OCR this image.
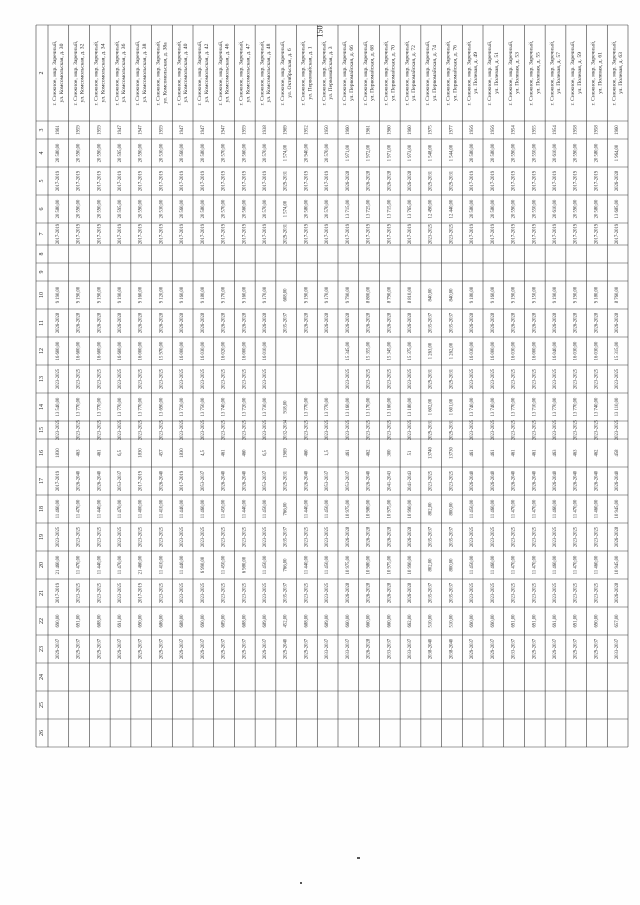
150
2
3
4
5
6
7
8
9
10
11
12
13
14
15
16
17
18
19
20
21
22
23
24
25
26
г. Снежное, мкр. Заречный, ул. Комсомольская, д. 30
1961
20 580,00
2017-2019
20 580,00
2017-2019
9 190,00
2026-2028
16 600,00
2023-2025
13 540,00
2023-2025
1830
2017-2019
11 460,00
2023-2025
21 460,00
2017-2019
690,00
2029-2037
г. Снежное, мкр. Заречный, ул. Комсомольская, д. 32
1959
20 590,00
2017-2019
20 590,00
2017-2019
9 190,00
2026-2028
16 600,00
2023-2025
13 770,00
2023-2025
463
2026-2040
11 470,00
2023-2025
11 470,00
2023-2025
691,00
2029-2037
г. Снежное, мкр. Заречный, ул. Комсомольская, д. 34
1959
20 590,00
2017-2019
20 590,00
2017-2019
9 190,00
2026-2028
16 600,00
2023-2025
13 770,00
2023-2025
461
2026-2040
11 440,00
2023-2025
11 440,00
2023-2025
688,00
2029-2037
г. Снежное, мкр. Заречный, ул. Комсомольская, д. 36
1947
20 595,00
2017-2019
20 595,00
2017-2019
9 190,00
2026-2028
16 600,00
2023-2025
13 770,00
2023-2025
6,5
2053-2037
11 470,00
2023-2025
11 470,00
2023-2025
691,00
2029-2037
г. Снежное, мкр. Заречный, ул. Комсомольская, д. 38
1947
20 590,00
2017-2019
20 590,00
2017-2019
9 160,00
2026-2028
16 000,00
2023-2025
13 770,00
2023-2025
1830
2017-2019
11 400,00
2023-2025
21 460,00
2017-2019
690,00
2029-2037
г. Снежное, мкр. Заречный, ул. Комсомольская, д. 38а
1959
20 530,00
2017-2019
20 530,00
2017-2019
9 120,00
2026-2028
15 970,00
2023-2025
13 690,00
2023-2025
457
2026-2040
11 410,00
2023-2025
11 410,00
2023-2025
686,00
2029-2037
г. Снежное, мкр. Заречный, ул. Комсомольская, д. 40
1947
20 560,00
2017-2019
20 560,00
2017-2019
9 160,00
2026-2028
16 000,00
2023-2025
13 720,00
2023-2025
1830
2017-2019
11 440,00
2023-2025
11 440,00
2023-2025
688,00
2029-2037
г. Снежное, мкр. Заречный, ул. Комсомольская, д. 42
1947
20 580,00
2017-2019
20 580,00
2017-2019
9 180,00
2026-2028
16 030,00
2023-2025
13 750,00
2023-2025
4,5
2053-2037
11 460,00
2023-2025
6 990,00
2023-2025
690,00
2029-2037
г. Снежное, мкр. Заречный, ул. Комсомольская, д. 46
1947
20 570,00
2017-2019
20 570,00
2017-2019
9 170,00
2026-2028
16 020,00
2023-2025
13 740,00
2023-2025
461
2026-2040
11 450,00
2023-2025
11 450,00
2023-2025
689,00
2029-2037
г. Снежное, мкр. Заречный, ул. Комсомольская, д. 47
1959
20 560,00
2017-2019
20 560,00
2017-2019
9 160,00
2026-2028
16 000,00
2023-2025
13 720,00
2023-2025
460
2026-2040
11 440,00
2023-2025
6 980,00
2023-2025
688,00
2029-2037
г. Снежное, мкр. Заречный, ул. Комсомольская, д. 48
1938
20 570,00
2017-2019
20 570,00
2017-2019
9 170,00
2026-2028
16 010,00
2023-2025
13 730,00
2023-2025
6,5
2053-2037
11 450,00
2023-2025
11 450,00
2023-2025
689,00
2029-2037
г. Снежное, мкр. Заречный, ул. Октябрьская, д. 6
1969
1 574,00
2029-2031
1 574,00
2029-2031
608,00
2035-2037
918,00
2032-2034
1969
2029-2031
766,00
2035-2037
766,00
2035-2037
452,00
2029-2040
г. Снежное, мкр. Заречный, ул. Первомайская, д. 1
1952
20 940,00
2017-2019
20 580,00
2017-2019
9 190,00
2026-2028
13 770,00
2023-2025
460
2026-2040
11 440,00
2023-2025
11 440,00
2023-2025
688,00
2029-2037
г. Снежное, мкр. Заречный, ул. Первомайская, д. 3
1950
20 570,00
2017-2019
20 570,00
2017-2019
9 170,00
2026-2028
13 770,00
2023-2025
1,5
2053-2037
11 450,00
2023-2025
11 450,00
2023-2025
689,00
2033-2037
г. Снежное, мкр. Заречный, ул. Первомайская, д. 66
1960
1 971,00
2026-2028
13 715,00
2017-2019
9 790,00
2026-2028
15 345,00
2023-2025
13 160,00
2023-2025
461
2053-2037
10 975,00
2026-2028
10 975,00
2026-2028
660,00
2033-2037
г. Снежное, мкр. Заречный, ул. Первомайская, д. 68
1961
1 972,00
2026-2028
13 725,00
2017-2019
8 800,00
2026-2028
15 355,00
2023-2025
13 170,00
2023-2025
462
2026-2040
10 980,00
2026-2028
10 980,00
2026-2028
660,00
2026-2028
г. Снежное, мкр. Заречный, ул. Первомайская, д. 70
1960
1 971,00
2026-2028
13 715,00
2017-2019
8 790,00
2026-2028
15 345,00
2023-2025
13 160,00
2023-2025
300
2041-2043
10 975,00
2026-2028
10 975,00
2026-2028
660,00
2033-2037
г. Снежное, мкр. Заречный, ул. Первомайская, д. 72
1960
1 973,00
2026-2028
13 765,00
2017-2019
8 810,00
2026-2028
15 375,00
2023-2025
13 180,00
2023-2025
51
2041-2043
10 990,00
2026-2028
10 990,00
2026-2028
662,00
2033-2037
г. Снежное, мкр. Заречный, ул. Первомайская, д. 74
1975
1 548,00
2029-2031
12 490,00
2023-2025
840,00
2035-2037
1 263,00
2029-2031
1 602,00
2029-2031
13740
2023-2025
802,00
2035-2037
802,00
2035-2037
510,00
2038-2040
г. Снежное, мкр. Заречный, ул. Первомайская, д. 76
1977
1 544,00
2029-2031
12 440,00
2023-2025
840,00
2035-2037
1 262,00
2029-2031
1 601,00
2029-2031
13730
2023-2025
800,00
2035-2037
800,00
2035-2037
510,00
2038-2040
г. Снежное, мкр. Заречный, ул. Полевая, д. 49
1956
20 580,00
2017-2019
20 580,00
2017-2019
9 180,00
2026-2028
16 030,00
2023-2025
13 740,00
2023-2025
461
2026-2040
11 450,00
2023-2025
11 450,00
2023-2025
690,00
2029-2037
г. Снежное, мкр. Заречный, ул. Полевая, д. 51
1956
20 580,00
2017-2019
20 580,00
2017-2019
9 160,00
2026-2028
16 000,00
2023-2025
13 740,00
2023-2025
461
2026-2040
11 460,00
2023-2025
11 460,00
2023-2025
690,00
2029-2037
г. Снежное, мкр. Заречный, ул. Полевая, д. 53
1954
20 590,00
2017-2019
20 590,00
2017-2019
9 190,00
2026-2028
16 030,00
2023-2025
13 770,00
2023-2025
461
2026-2040
11 470,00
2023-2025
11 470,00
2023-2025
691,00
2033-2037
г. Снежное, мкр. Заречный, ул. Полевая, д. 55
1955
20 550,00
2017-2019
20 550,00
2017-2019
9 150,00
2026-2028
16 000,00
2023-2025
13 710,00
2023-2025
461
2026-2040
11 470,00
2023-2025
11 470,00
2023-2025
691,00
2029-2037
г. Снежное, мкр. Заречный, ул. Полевая, д. 57
1954
20 610,00
2017-2019
20 610,00
2017-2019
9 190,00
2026-2028
16 040,00
2023-2025
13 770,00
2023-2025
463
2026-2040
11 460,00
2023-2025
11 460,00
2023-2025
691,00
2029-2037
г. Снежное, мкр. Заречный, ул. Полевая, д. 59
1958
20 590,00
2017-2019
20 590,00
2017-2019
9 190,00
2026-2028
16 030,00
2023-2025
13 770,00
2023-2025
463
2026-2040
11 470,00
2023-2025
11 470,00
2023-2025
691,00
2029-2037
г. Снежное, мкр. Заречный, ул. Полевая, д. 61
1958
20 580,00
2017-2019
20 580,00
2017-2019
9 180,00
2026-2028
16 030,00
2023-2025
13 740,00
2023-2025
462
2026-2040
11 460,00
2023-2025
11 460,00
2023-2025
690,00
2029-2037
г. Снежное, мкр. Заречный, ул. Полевая, д. 63
1960
1 964,00
2026-2028
13 685,00
2017-2019
8 760,00
2026-2028
15 315,00
2023-2025
13 110,00
2023-2025
458
2026-2040
10 945,00
2026-2028
10 945,00
2026-2028
657,00
2033-2037
